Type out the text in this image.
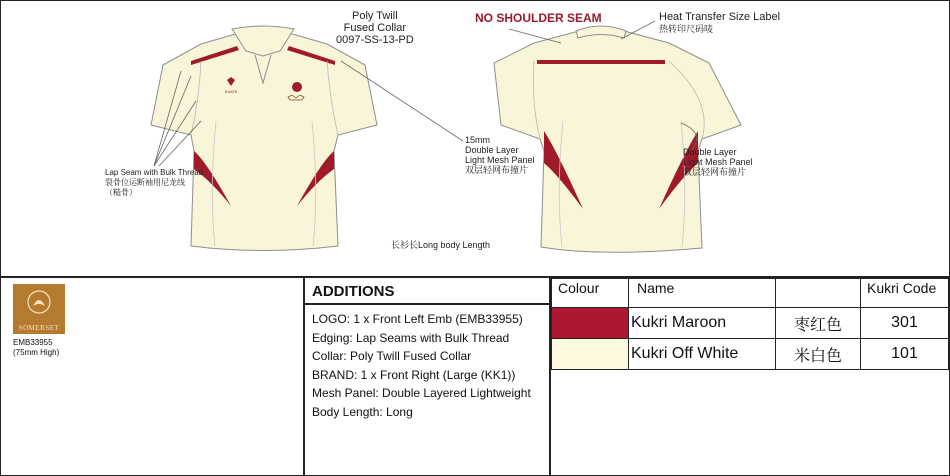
KUKRI
Poly Twill
Fused Collar
0097-SS-13-PD
NO SHOULDER SEAM	Heat Transfer Size Label
热转印尺码唛
Lap Seam with Bulk Thread
裂骨位运断袖用尼龙线
（糙骨）
15mm
Double Layer
Light Mesh Panel
双层轻网布撞片
Double Layer
Light Mesh Panel
双层轻网布撞片
长衫长Long body Length
SOMERSET
EMB33955
(75mm High)
ADDITIONS
LOGO: 1 x Front Left Emb (EMB33955)
Edging: Lap Seams with Bulk Thread
Collar: Poly Twill Fused Collar
BRAND: 1 x Front Right (Large (KK1))
Mesh Panel: Double Layered Lightweight
Body Length: Long
Colour	Name		Kukri Code

	Kukri Maroon	枣红色	301

	Kukri Off White	米白色	101
